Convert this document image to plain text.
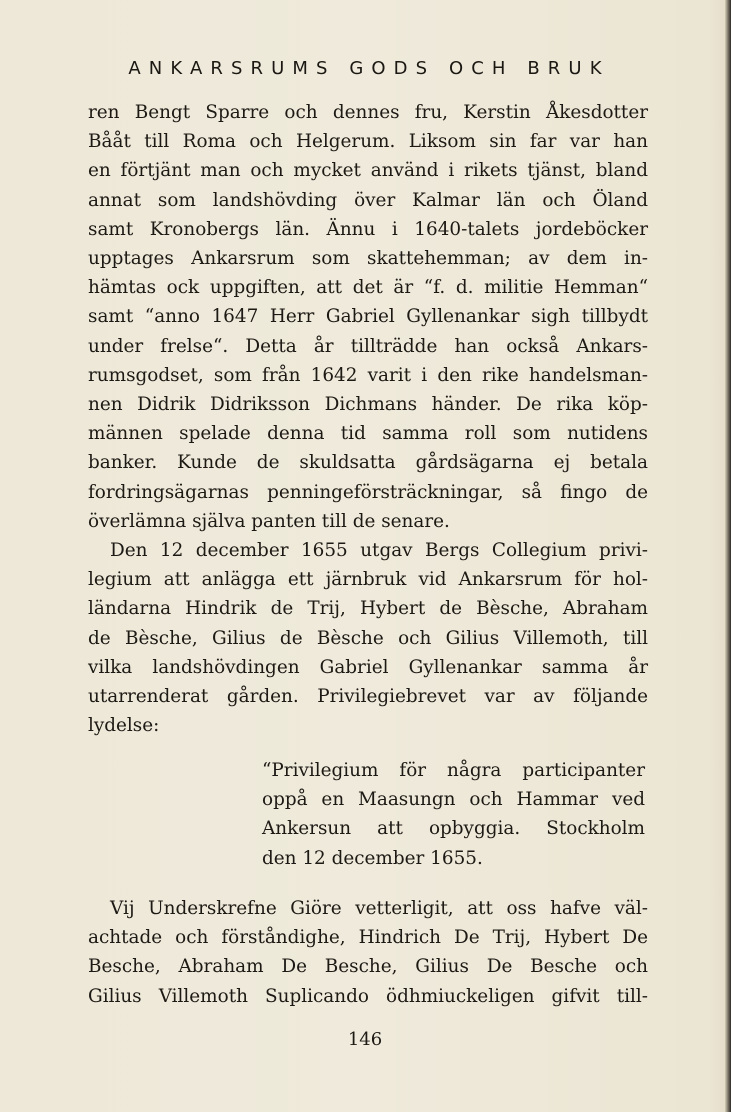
ANKARSRUMS GODS OCH BRUK
ren Bengt Sparre och dennes fru, Kerstin Åkesdotter
Bååt till Roma och Helgerum. Liksom sin far var han
en förtjänt man och mycket använd i rikets tjänst, bland
annat som landshövding över Kalmar län och Öland
samt Kronobergs län. Ännu i 1640-talets jordeböcker
upptages Ankarsrum som skattehemman; av dem in-
hämtas ock uppgiften, att det är “f. d. militie Hemman“
samt “anno 1647 Herr Gabriel Gyllenankar sigh tillbydt
under frelse“. Detta år tillträdde han också Ankars-
rumsgodset, som från 1642 varit i den rike handelsman-
nen Didrik Didriksson Dichmans händer. De rika köp-
männen spelade denna tid samma roll som nutidens
banker. Kunde de skuldsatta gårdsägarna ej betala
fordringsägarnas penningeförsträckningar, så fingo de
överlämna själva panten till de senare.
Den 12 december 1655 utgav Bergs Collegium privi-
legium att anlägga ett järnbruk vid Ankarsrum för hol-
ländarna Hindrik de Trij, Hybert de Bèsche, Abraham
de Bèsche, Gilius de Bèsche och Gilius Villemoth, till
vilka landshövdingen Gabriel Gyllenankar samma år
utarrenderat gården. Privilegiebrevet var av följande
lydelse:
“Privilegium för några participanter
oppå en Maasungn och Hammar ved
Ankersun att opbyggia. Stockholm
den 12 december 1655.
Vij Underskrefne Giöre vetterligit, att oss hafve väl-
achtade och förståndighe, Hindrich De Trij, Hybert De
Besche, Abraham De Besche, Gilius De Besche och
Gilius Villemoth Suplicando ödhmiuckeligen gifvit till-
146
